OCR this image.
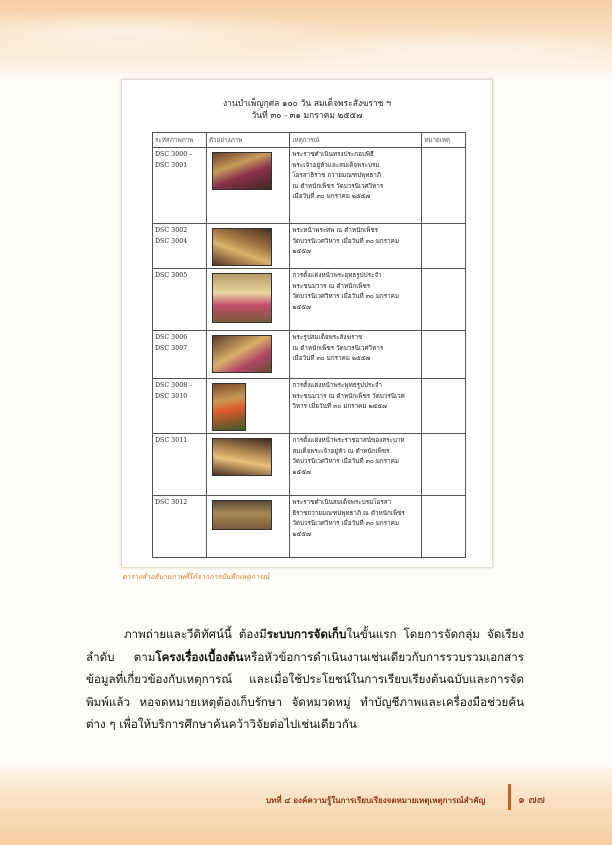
งานบำเพ็ญกุศล ๑๐๐ วัน สมเด็จพระสังฆราช ฯ
วันที่ ๓๐ - ๓๑ มกราคม ๒๕๕๗
ระหัสภาพภาพ	ตัวอย่างภาพ	เหตุการณ์	หมายเหตุ
DSC 3000 –
DSC 3001		พระราชดำเนินทรงประกอบพิธี
พระเจ้าอยู่หัวและสมเด็จพระบรม
โอรสาธิราช ถวายมณฑปพุทธาภิ
ณ ตำหนักเพ็ชร วัดบวรนิเวศวิหาร
เมื่อวันที่ ๓๐ มกราคม ๒๕๕๗	
DSC 3002
DSC 3004		พระหน้าพระศพ ณ ตำหนักเพ็ชร
วัดบวรนิเวศวิหาร เมื่อวันที่ ๓๐ มกราคม
๒๕๕๗	
DSC 3005		การตั้งแต่งหน้าพระอุทธรูปประจำ
พระชนมวาร ณ ตำหนักเพ็ชร
วัดบวรนิเวศวิหาร เมื่อวันที่ ๓๐ มกราคม
๒๕๕๗	
DSC 3006
DSC 3007		พระรูปสมเด็จพระสังฆราช
ณ ตำหนักเพ็ชร วัดบวรนิเวศวิหาร
เมื่อวันที่ ๓๐ มกราคม ๒๕๕๗	
DSC 3008 –
DSC 3010		การตั้งแต่งหน้าพระพุทธรูปประจำ
พระชนมวาร ณ ตำหนักเพ็ชร วัดบวรนิเวศ
วิหาร เมื่อวันที่ ๓๐ มกราคม ๒๕๕๗	
DSC 3011		การตั้งแต่งหน้าพระราชอาสน์ของสระบาท
สมเด็จพระเจ้าอยู่หัว ณ ตำหนักเพ็ชร
วัดบวรนิเวศวิหาร เมื่อวันที่ ๓๐ มกราคม
๒๕๕๗	
DSC 3012		พระราชดำเนินสมเด็จพระบรมโอรสา
ธิราชถวายมณฑปพุทธาภิ ณ ตำหนักเพ็ชร
วัดบวรนิเวศวิหาร เมื่อวันที่ ๓๐ มกราคม
๒๕๕๗	
ตารางคำอธิบายภาพที่ได้จากการบันทึกเหตุการณ์

ภาพถ่ายและวีดิทัศน์นี้ ต้องมีระบบการจัดเก็บในขั้นแรก โดยการจัดกลุ่ม จัดเรียงลำดับ ตามโครงเรื่องเบื้องต้นหรือหัวข้อการดำเนินงานเช่นเดียวกับการรวบรวมเอกสารข้อมูลที่เกี่ยวข้องกับเหตุการณ์ และเมื่อใช้ประโยชน์ในการเรียบเรียงต้นฉบับและการจัดพิมพ์แล้ว หอจดหมายเหตุต้องเก็บรักษา จัดหมวดหมู่ ทำบัญชีภาพและเครื่องมือช่วยค้นต่าง ๆ เพื่อให้บริการศึกษาค้นคว้าวิจัยต่อไปเช่นเดียวกัน

บทที่ ๔ องค์ความรู้ในการเรียบเรียงจดหมายเหตุเหตุการณ์สำคัญ	๑ ๗๗
